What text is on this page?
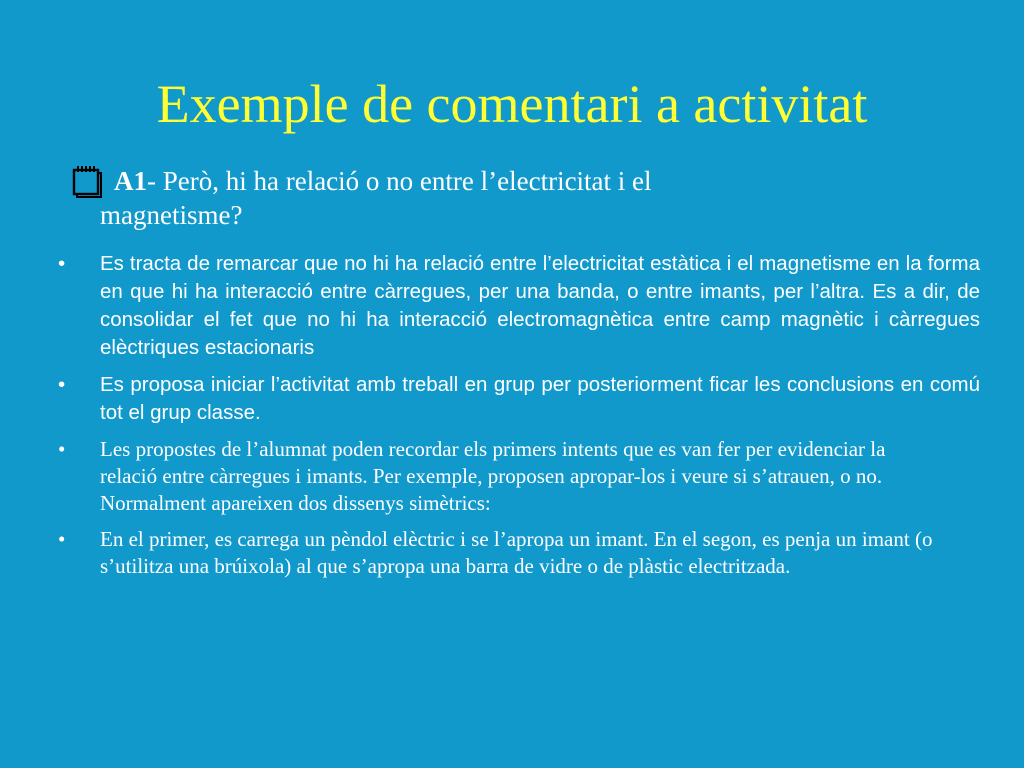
Exemple de comentari a activitat
A1 - Però, hi ha relació o no entre l’electricitat i el
magnetisme?
• Es tracta de remarcar que no hi ha relació entre l’electricitat estàtica i el magnetisme en la forma en que hi ha interacció entre càrregues, per una banda, o entre imants, per l’altra. Es a dir, de consolidar el fet que no hi ha interacció electromagnètica entre camp magnètic i càrregues elèctriques estacionaris
• Es proposa iniciar l’activitat amb treball en grup per posteriorment ficar les conclusions en comú tot el grup classe.
• Les propostes de l’alumnat poden recordar els primers intents que es van fer per evidenciar la relació entre càrregues i imants. Per exemple, proposen apropar-los i veure si s’atrauen, o no. Normalment apareixen dos dissenys simètrics:
• En el primer, es carrega un pèndol elèctric i se l’apropa un imant. En el segon, es penja un imant (o s’utilitza una brúixola) al que s’apropa una barra de vidre o de plàstic electritzada.
